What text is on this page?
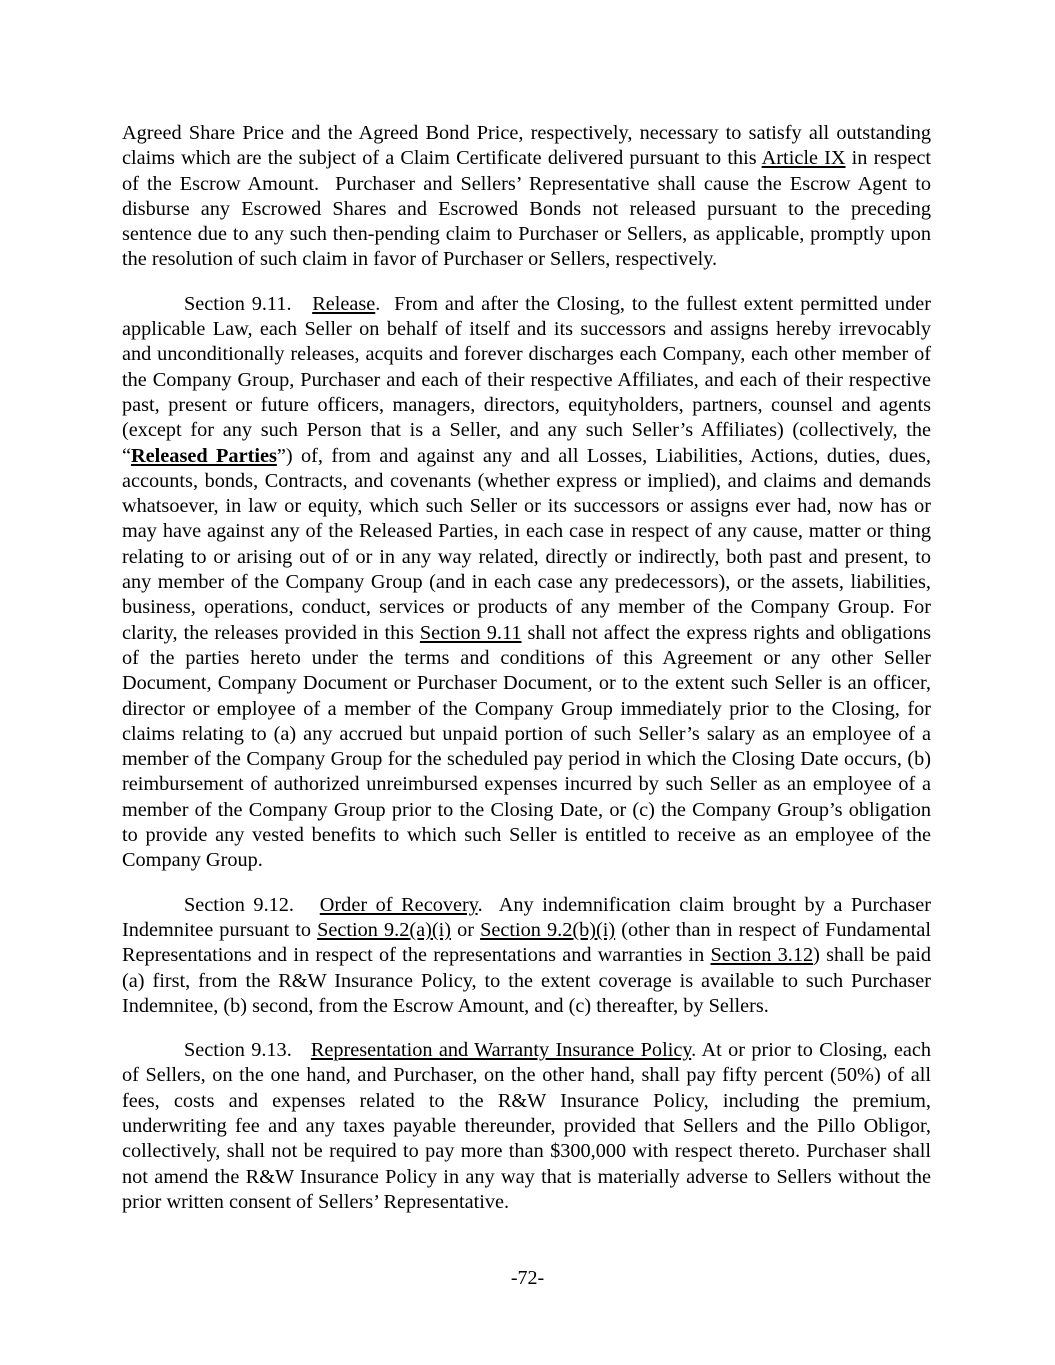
Agreed Share Price and the Agreed Bond Price, respectively, necessary to satisfy all outstanding claims which are the subject of a Claim Certificate delivered pursuant to this Article IX in respect of the Escrow Amount.  Purchaser and Sellers’ Representative shall cause the Escrow Agent to disburse any Escrowed Shares and Escrowed Bonds not released pursuant to the preceding sentence due to any such then-pending claim to Purchaser or Sellers, as applicable, promptly upon the resolution of such claim in favor of Purchaser or Sellers, respectively.

Section 9.11.   Release.  From and after the Closing, to the fullest extent permitted under applicable Law, each Seller on behalf of itself and its successors and assigns hereby irrevocably and unconditionally releases, acquits and forever discharges each Company, each other member of the Company Group, Purchaser and each of their respective Affiliates, and each of their respective past, present or future officers, managers, directors, equityholders, partners, counsel and agents (except for any such Person that is a Seller, and any such Seller’s Affiliates) (collectively, the “Released Parties”) of, from and against any and all Losses, Liabilities, Actions, duties, dues, accounts, bonds, Contracts, and covenants (whether express or implied), and claims and demands whatsoever, in law or equity, which such Seller or its successors or assigns ever had, now has or may have against any of the Released Parties, in each case in respect of any cause, matter or thing relating to or arising out of or in any way related, directly or indirectly, both past and present, to any member of the Company Group (and in each case any predecessors), or the assets, liabilities, business, operations, conduct, services or products of any member of the Company Group. For clarity, the releases provided in this Section 9.11 shall not affect the express rights and obligations of the parties hereto under the terms and conditions of this Agreement or any other Seller Document, Company Document or Purchaser Document, or to the extent such Seller is an officer, director or employee of a member of the Company Group immediately prior to the Closing, for claims relating to (a) any accrued but unpaid portion of such Seller’s salary as an employee of a member of the Company Group for the scheduled pay period in which the Closing Date occurs, (b) reimbursement of authorized unreimbursed expenses incurred by such Seller as an employee of a member of the Company Group prior to the Closing Date, or (c) the Company Group’s obligation to provide any vested benefits to which such Seller is entitled to receive as an employee of the Company Group.

Section 9.12.   Order of Recovery.  Any indemnification claim brought by a Purchaser Indemnitee pursuant to Section 9.2(a)(i) or Section 9.2(b)(i) (other than in respect of Fundamental Representations and in respect of the representations and warranties in Section 3.12) shall be paid (a) first, from the R&W Insurance Policy, to the extent coverage is available to such Purchaser Indemnitee, (b) second, from the Escrow Amount, and (c) thereafter, by Sellers.

Section 9.13.   Representation and Warranty Insurance Policy. At or prior to Closing, each of Sellers, on the one hand, and Purchaser, on the other hand, shall pay fifty percent (50%) of all fees, costs and expenses related to the R&W Insurance Policy, including the premium, underwriting fee and any taxes payable thereunder, provided that Sellers and the Pillo Obligor, collectively, shall not be required to pay more than $300,000 with respect thereto. Purchaser shall not amend the R&W Insurance Policy in any way that is materially adverse to Sellers without the prior written consent of Sellers’ Representative.

-72-
